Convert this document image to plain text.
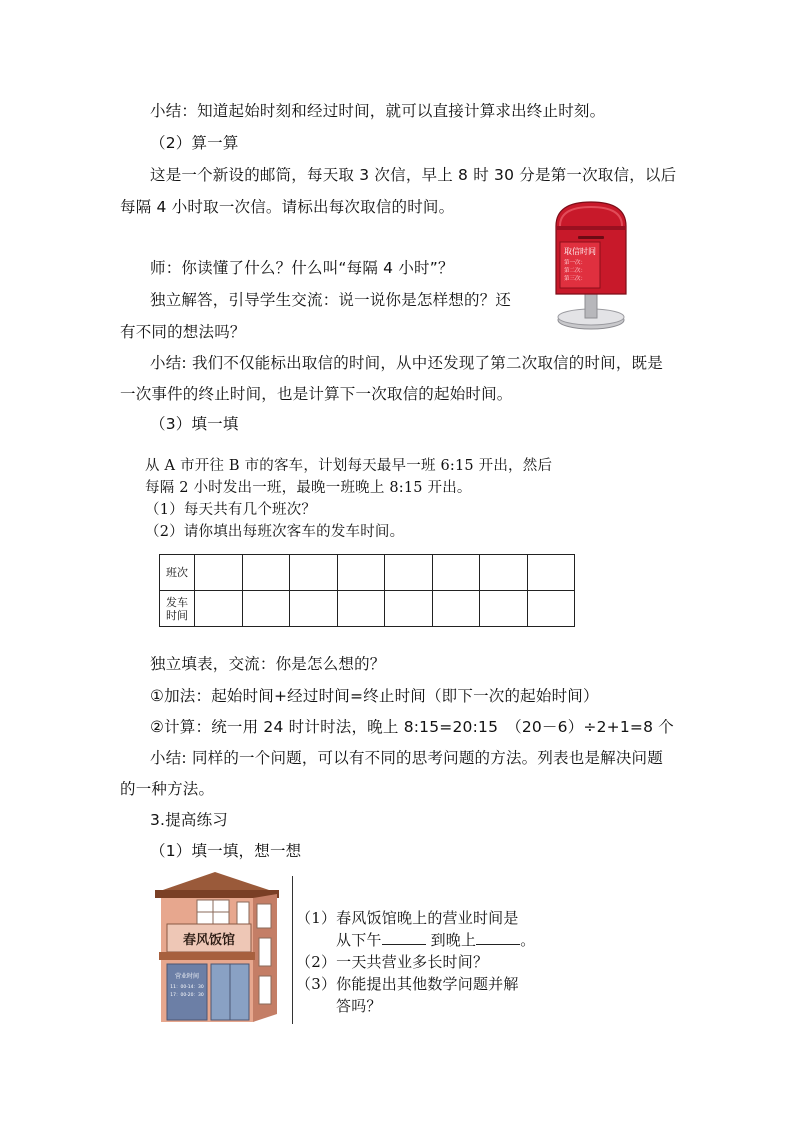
小结：知道起始时刻和经过时间，就可以直接计算求出终止时刻。
（2）算一算
这是一个新设的邮筒，每天取 3 次信，早上 8 时 30 分是第一次取信，以后
每隔 4 小时取一次信。请标出每次取信的时间。
师：你读懂了什么？什么叫“每隔 4 小时”？
独立解答，引导学生交流：说一说你是怎样想的？还
有不同的想法吗？
小结: 我们不仅能标出取信的时间，从中还发现了第二次取信的时间，既是
一次事件的终止时间，也是计算下一次取信的起始时间。
（3）填一填
取信时间
第一次：
第二次：
第三次：
从 A 市开往 B 市的客车，计划每天最早一班 6:15 开出，然后
每隔 2 小时发出一班，最晚一班晚上 8:15 开出。
（1）每天共有几个班次？
（2）请你填出每班次客车的发车时间。
班次								
发车
时间								
独立填表，交流：你是怎么想的？
①加法：起始时间+经过时间=终止时间（即下一次的起始时间）
②计算：统一用 24 时计时法，晚上 8:15=20:15　（20－6）÷2+1=8 个
小结: 同样的一个问题，可以有不同的思考问题的方法。列表也是解决问题
的一种方法。
3.提高练习
（1）填一填，想一想
春风饭馆
营业时间
11：00-14：30
17：00-20：30
（1）春风饭馆晚上的营业时间是
从下午	到晚上	。
（2）一天共营业多长时间？
（3）你能提出其他数学问题并解
答吗？
